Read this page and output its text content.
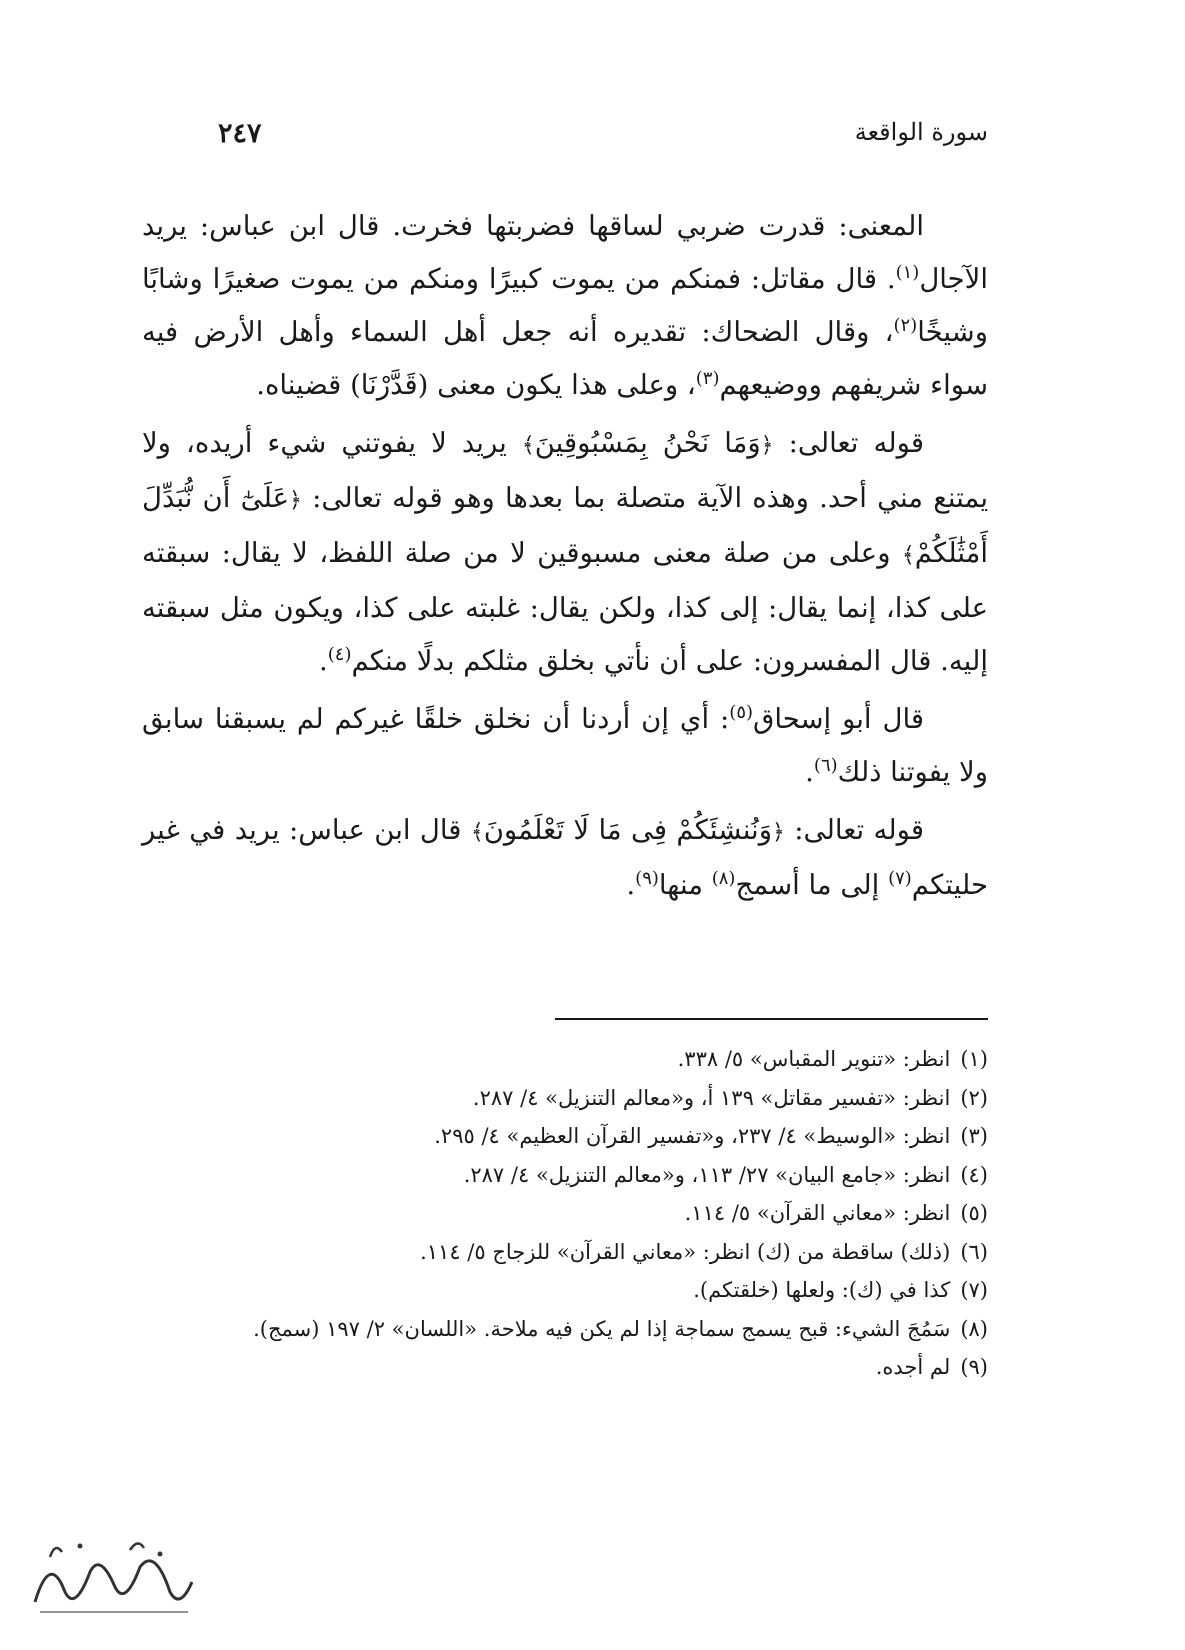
سورة الواقعة
٢٤٧

المعنى: قدرت ضربي لساقها فضربتها فخرت. قال ابن عباس: يريد الآجال$^{(١)}$. قال مقاتل: فمنكم من يموت كبيرًا ومنكم من يموت صغيرًا وشابًا وشيخًا$^{(٢)}$، وقال الضحاك: تقديره أنه جعل أهل السماء وأهل الأرض فيه سواء شريفهم ووضيعهم$^{(٣)}$، وعلى هذا يكون معنى (قَدَّرْنَا) قضيناه.

قوله تعالى: ﴿وَمَا نَحْنُ بِمَسْبُوقِينَ﴾ يريد لا يفوتني شيء أريده، ولا يمتنع مني أحد. وهذه الآية متصلة بما بعدها وهو قوله تعالى: ﴿عَلَىٰٓ أَن نُّبَدِّلَ أَمْثَٰلَكُمْ﴾ وعلى من صلة معنى مسبوقين لا من صلة اللفظ، لا يقال: سبقته على كذا، إنما يقال: إلى كذا، ولكن يقال: غلبته على كذا، ويكون مثل سبقته إليه. قال المفسرون: على أن نأتي بخلق مثلكم بدلًا منكم$^{(٤)}$.

قال أبو إسحاق$^{(٥)}$: أي إن أردنا أن نخلق خلقًا غيركم لم يسبقنا سابق ولا يفوتنا ذلك$^{(٦)}$.

قوله تعالى: ﴿وَنُنشِئَكُمْ فِى مَا لَا تَعْلَمُونَ﴾ قال ابن عباس: يريد في غير حليتكم$^{(٧)}$ إلى ما أسمج$^{(٨)}$ منها$^{(٩)}$.

(١)انظر: «تنوير المقباس» ٥/ ٣٣٨.
(٢)انظر: «تفسير مقاتل» ١٣٩ أ، و«معالم التنزيل» ٤/ ٢٨٧.
(٣)انظر: «الوسيط» ٤/ ٢٣٧، و«تفسير القرآن العظيم» ٤/ ٢٩٥.
(٤)انظر: «جامع البيان» ٢٧/ ١١٣، و«معالم التنزيل» ٤/ ٢٨٧.
(٥)انظر: «معاني القرآن» ٥/ ١١٤.
(٦)(ذلك) ساقطة من (ك) انظر: «معاني القرآن» للزجاج ٥/ ١١٤.
(٧)كذا في (ك): ولعلها (خلقتكم).
(٨)سَمُجَ الشيء: قبح يسمج سماجة إذا لم يكن فيه ملاحة. «اللسان» ٢/ ١٩٧ (سمج).
(٩)لم أجده.
